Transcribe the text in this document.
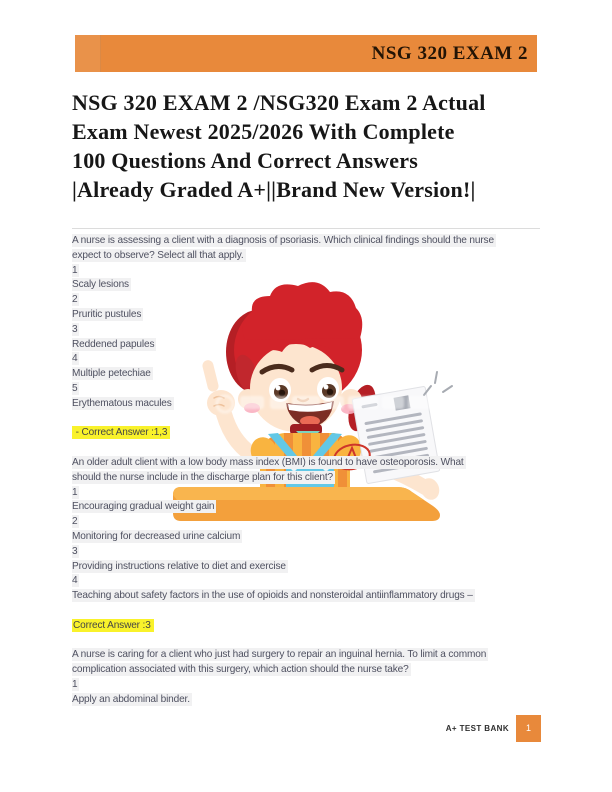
NSG 320 EXAM 2
NSG 320 EXAM 2 /NSG320 Exam 2 Actual
Exam Newest 2025/2026 With Complete
100 Questions And Correct Answers
|Already Graded A+||Brand New Version!|
A nurse is assessing a client with a diagnosis of psoriasis. Which clinical findings should the nurse
expect to observe? Select all that apply.
1
Scaly lesions
2
Pruritic pustules
3
Reddened papules
4
Multiple petechiae
5
Erythematous macules

- Correct Answer :1,3

An older adult client with a low body mass index (BMI) is found to have osteoporosis. What
should the nurse include in the discharge plan for this client?
1
Encouraging gradual weight gain
2
Monitoring for decreased urine calcium
3
Providing instructions relative to diet and exercise
4
Teaching about safety factors in the use of opioids and nonsteroidal antiinflammatory drugs –

Correct Answer :3

A nurse is caring for a client who just had surgery to repair an inguinal hernia. To limit a common
complication associated with this surgery, which action should the nurse take?
1
Apply an abdominal binder.
A+ TEST BANK	1
